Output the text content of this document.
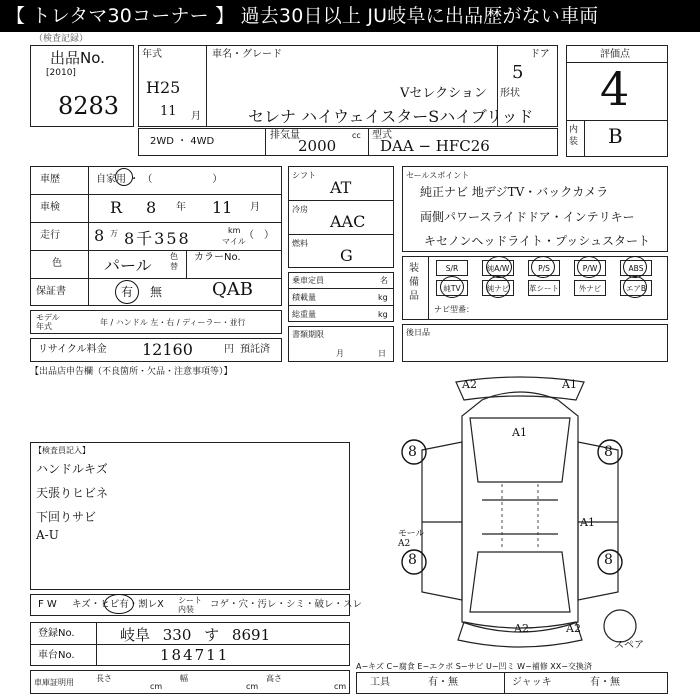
【 トレタマ30コーナー 】 過去30日以上 JU岐阜に出品歴がない車両
（検査記録）
出品No.
[2010]
8283
年式
H25
11 月
車名・グレード
Vセレクション
セレナ ハイウェイスターSハイブリッド
ドア
5
形状
評価点
4
内装 B
2WD ・ 4WD
排気量	cc
2000
型式
DAA − HFC26
車歴	自家用 ・ （　　　　　　）
車検	R 8 年 11 月
走行 8 万 8千358	km
マイル
（　）
色	パール 色替
カラーNo.
保証書	有 無	QAB
モデル年式	年 / ハンドル 左・右 / ディーラー・並行
リサイクル料金 12160	円 預託済
シフト
AT
冷房
AAC
燃料
G
乗車定員	名
積載量	kg
総重量	kg
書類期限
月	日
セールスポイント
純正ナビ 地デジTV・バックカメラ
両側パワースライドドア・インテリキー
キセノンヘッドライト・プッシュスタート
装備品
S/R	純A/W	P/S	P/W	ABS
純TV	純ナビ	革シート	外ナビ	エアB
ナビ型番：
後日品
【出品店申告欄（不良箇所・欠品・注意事項等）】
【検査員記入】
ハンドルキズ
天張りヒビネ
下回りサビ
A-U
A2	A1
A1
8	8
8	8
A1
A2	A2
モール A2
スペア
F W キズ・ヒビ有・割レX シート内装	コゲ・穴・汚レ・シミ・破レ・スレ
登録No.	岐阜 330 す 8691
車台No.	184711
車庫証明用	長さ
cm
幅
cm
高さ
cm
A−キズ C−腐食 E−エクボ S−サビ U−凹ミ W−補修 XX−交換済
工具	有・無	ジャッキ	有・無
